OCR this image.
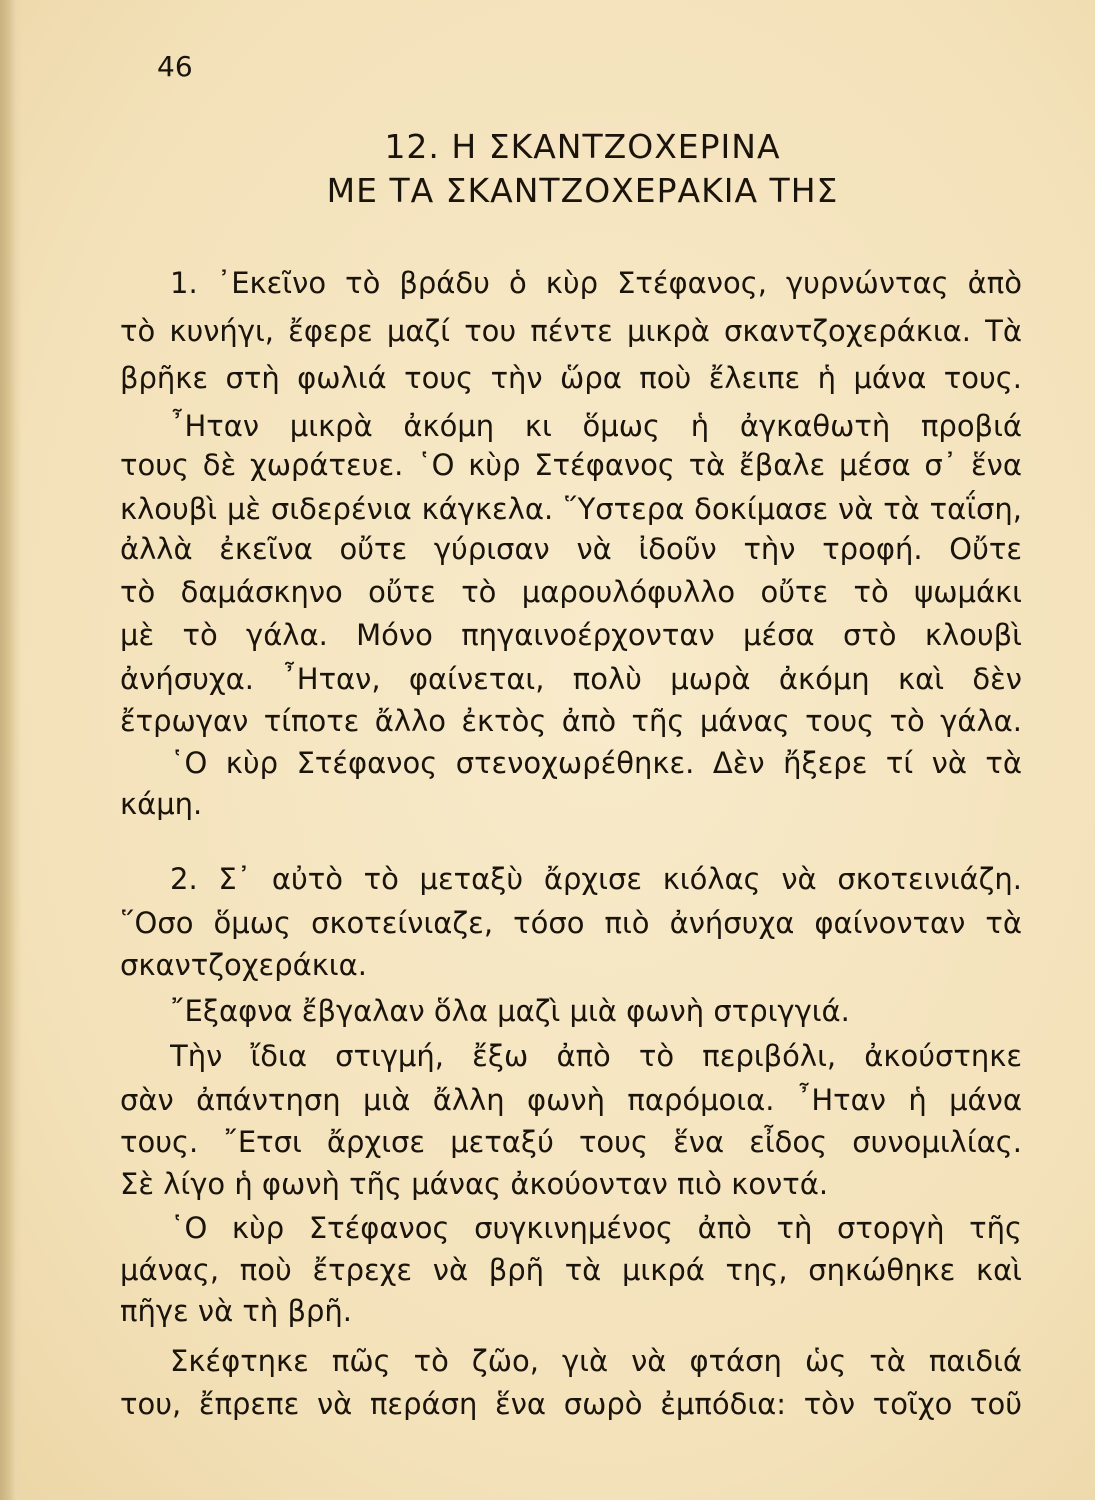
46

12. Η ΣΚΑΝΤΖΟΧΕΡΙΝΑ
ΜΕ ΤΑ ΣΚΑΝΤΖΟΧΕΡΑΚΙΑ ΤΗΣ

1. ᾿Εκεῖνο τὸ βράδυ ὁ κὺρ Στέφανος, γυρνώντας ἀπὸ

τὸ κυνήγι, ἔφερε μαζί του πέντε μικρὰ σκαντζοχεράκια. Τὰ

βρῆκε στὴ φωλιά τους τὴν ὥρα ποὺ ἔλειπε ἡ μάνα τους.

῏Ηταν μικρὰ ἀκόμη κι ὅμως ἡ ἀγκαθωτὴ προβιά

τους δὲ χωράτευε. ῾Ο κὺρ Στέφανος τὰ ἔβαλε μέσα σ᾿ ἕνα

κλουβὶ μὲ σιδερένια κάγκελα. ῞Υστερα δοκίμασε νὰ τὰ ταΐση,

ἀλλὰ ἐκεῖνα οὔτε γύρισαν νὰ ἰδοῦν τὴν τροφή. Οὔτε

τὸ δαμάσκηνο οὔτε τὸ μαρουλόφυλλο οὔτε τὸ ψωμάκι

μὲ τὸ γάλα. Μόνο πηγαινοέρχονταν μέσα στὸ κλουβὶ

ἀνήσυχα. ῏Ηταν, φαίνεται, πολὺ μωρὰ ἀκόμη καὶ δὲν

ἔτρωγαν τίποτε ἄλλο ἐκτὸς ἀπὸ τῆς μάνας τους τὸ γάλα.

῾Ο κὺρ Στέφανος στενοχωρέθηκε. Δὲν ἤξερε τί νὰ τὰ

κάμη.

2. Σ᾿ αὐτὸ τὸ μεταξὺ ἄρχισε κιόλας νὰ σκοτεινιάζη.

῞Οσο ὅμως σκοτείνιαζε, τόσο πιὸ ἀνήσυχα φαίνονταν τὰ

σκαντζοχεράκια.

῎Εξαφνα ἔβγαλαν ὅλα μαζὶ μιὰ φωνὴ στριγγιά.

Τὴν ἴδια στιγμή, ἔξω ἀπὸ τὸ περιβόλι, ἀκούστηκε

σὰν ἀπάντηση μιὰ ἄλλη φωνὴ παρόμοια. ῏Ηταν ἡ μάνα

τους. ῎Ετσι ἄρχισε μεταξύ τους ἕνα εἶδος συνομιλίας.

Σὲ λίγο ἡ φωνὴ τῆς μάνας ἀκούονταν πιὸ κοντά.

῾Ο κὺρ Στέφανος συγκινημένος ἀπὸ τὴ στοργὴ τῆς

μάνας, ποὺ ἔτρεχε νὰ βρῆ τὰ μικρά της, σηκώθηκε καὶ

πῆγε νὰ τὴ βρῆ.

Σκέφτηκε πῶς τὸ ζῶο, γιὰ νὰ φτάση ὡς τὰ παιδιά

του, ἔπρεπε νὰ περάση ἕνα σωρὸ ἐμπόδια: τὸν τοῖχο τοῦ
